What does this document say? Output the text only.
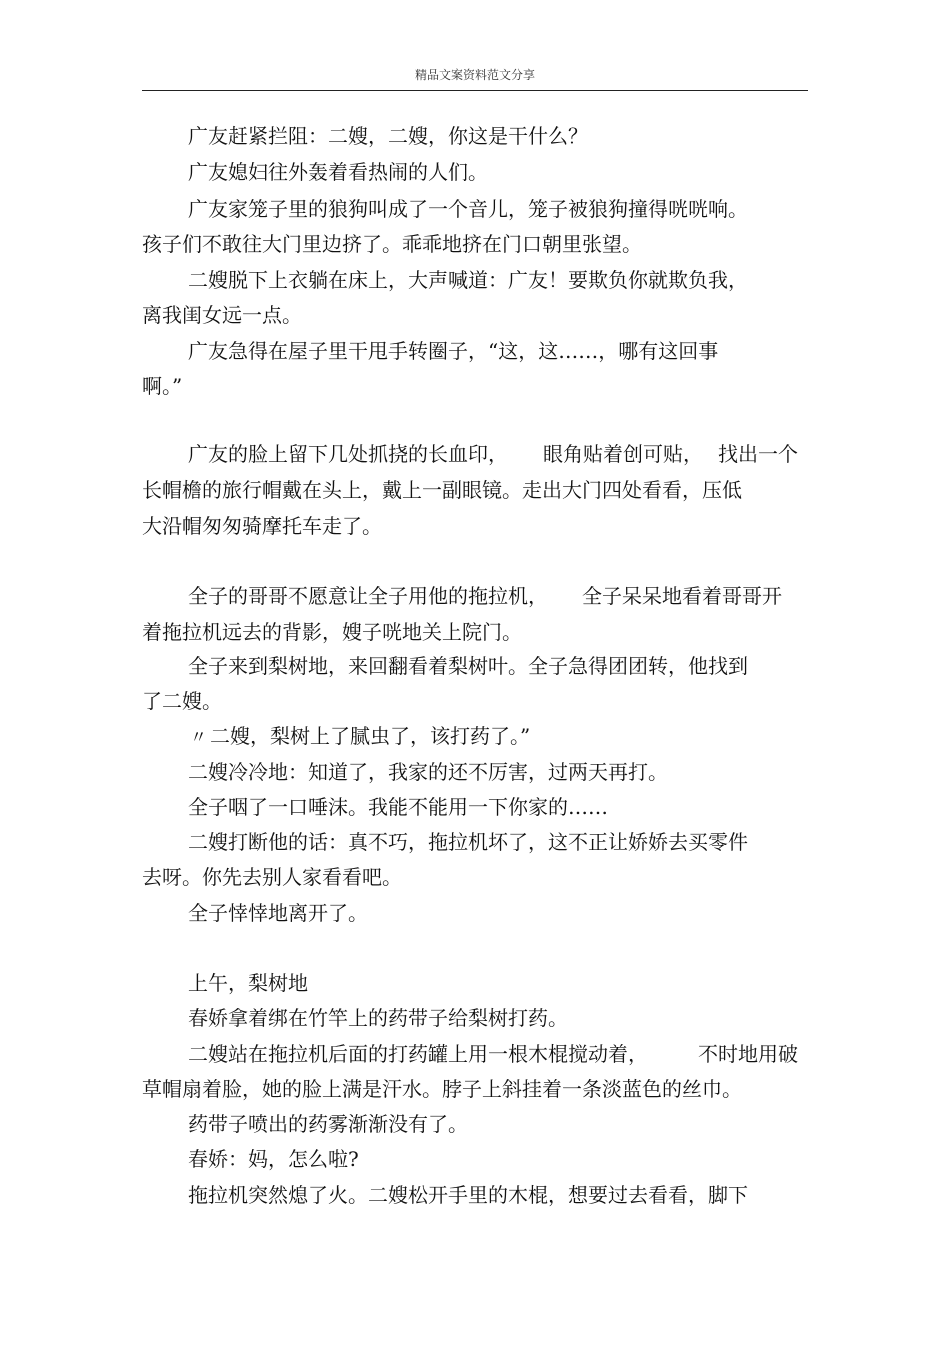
精品文案资料范文分享
广友赶紧拦阻：二嫂，二嫂，你这是干什么？
广友媳妇往外轰着看热闹的人们。
广友家笼子里的狼狗叫成了一个音儿，笼子被狼狗撞得咣咣响。
孩子们不敢往大门里边挤了。乖乖地挤在门口朝里张望。
二嫂脱下上衣躺在床上，大声喊道：广友！要欺负你就欺负我，
离我闺女远一点。
广友急得在屋子里干甩手转圈子，“这，这……，哪有这回事
啊。”
广友的脸上留下几处抓挠的长血印， 眼角贴着创可贴， 找出一个
长帽檐的旅行帽戴在头上，戴上一副眼镜。走出大门四处看看，压低
大沿帽匆匆骑摩托车走了。
全子的哥哥不愿意让全子用他的拖拉机， 全子呆呆地看着哥哥开
着拖拉机远去的背影，嫂子咣地关上院门。
全子来到梨树地，来回翻看着梨树叶。全子急得团团转，他找到
了二嫂。
〃 二嫂，梨树上了腻虫了，该打药了。”
二嫂冷冷地：知道了，我家的还不厉害，过两天再打。
全子咽了一口唾沫。我能不能用一下你家的……
二嫂打断他的话：真不巧，拖拉机坏了，这不正让娇娇去买零件
去呀。你先去别人家看看吧。
全子悻悻地离开了。
上午，梨树地
春娇拿着绑在竹竿上的药带子给梨树打药。
二嫂站在拖拉机后面的打药罐上用一根木棍搅动着，	不时地用破
草帽扇着脸，她的脸上满是汗水。脖子上斜挂着一条淡蓝色的丝巾。
药带子喷出的药雾渐渐没有了。
春娇：妈，怎么啦?
拖拉机突然熄了火。二嫂松开手里的木棍，想要过去看看，脚下
